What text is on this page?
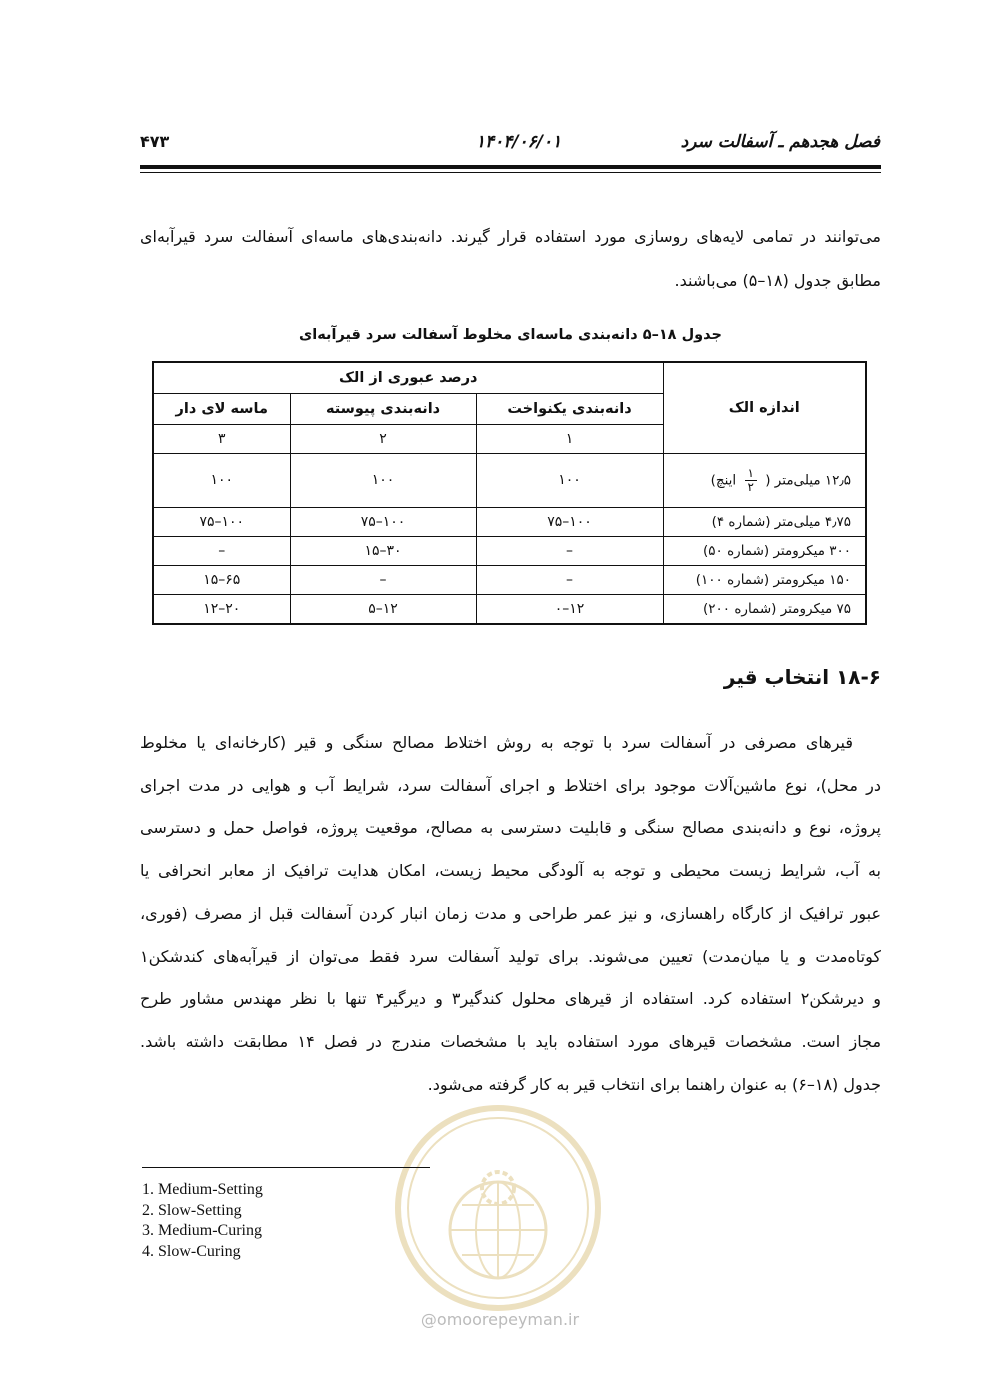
فصل هجدهم ـ آسفالت سرد
۱۴۰۴/۰۶/۰۱
۴۷۳
می‌توانند در تمامی لایه‌های روسازی مورد استفاده قرار گیرند. دانه‌بندی‌های ماسه‌ای آسفالت سرد قیرآبه‌ای
مطابق جدول (۱۸–۵) می‌باشند.
جدول ۱۸–۵ دانه‌بندی ماسه‌ای مخلوط آسفالت سرد قیرآبه‌ای
اندازه الک	درصد عبوری از الک		
	دانه‌بندی یکنواخت	دانه‌بندی پیوسته	ماسه لای دار
	۱	۲	۳
۱۲٫۵ میلی‌متر (
$\frac{۱}{۲}$
اینچ)	۱۰۰	۱۰۰	۱۰۰
۴٫۷۵ میلی‌متر (شماره ۴)	۱۰۰–۷۵	۱۰۰–۷۵	۱۰۰–۷۵
۳۰۰ میکرومتر (شماره ۵۰)	–	۳۰–۱۵	–
۱۵۰ میکرومتر (شماره ۱۰۰)	–	–	۶۵–۱۵
۷۵ میکرومتر (شماره ۲۰۰)	۱۲–۰	۱۲–۵	۲۰–۱۲
۱۸-۶ انتخاب قیر
قیرهای مصرفی در آسفالت سرد با توجه به روش اختلاط مصالح سنگی و قیر (کارخانه‌ای یا مخلوط
در محل)، نوع ماشین‌آلات موجود برای اختلاط و اجرای آسفالت سرد، شرایط آب و هوایی در مدت اجرای
پروژه، نوع و دانه‌بندی مصالح سنگی و قابلیت دسترسی به مصالح، موقعیت پروژه، فواصل حمل و دسترسی
به آب، شرایط زیست محیطی و توجه به آلودگی محیط زیست، امکان هدایت ترافیک از معابر انحرافی یا
عبور ترافیک از کارگاه راهسازی، و نیز عمر طراحی و مدت زمان انبار کردن آسفالت قبل از مصرف (فوری،
کوتاه‌مدت و یا میان‌مدت) تعیین می‌شوند. برای تولید آسفالت سرد فقط می‌توان از قیرآبه‌های کندشکن۱
و دیرشکن۲ استفاده کرد. استفاده از قیرهای محلول کندگیر۳ و دیرگیر۴ تنها با نظر مهندس مشاور طرح
مجاز است. مشخصات قیرهای مورد استفاده باید با مشخصات مندرج در فصل ۱۴ مطابقت داشته باشد.
جدول (۱۸–۶) به عنوان راهنما برای انتخاب قیر به کار گرفته می‌شود.
@omoorepeyman.ir
1. Medium-Setting
2. Slow-Setting
3. Medium-Curing
4. Slow-Curing
